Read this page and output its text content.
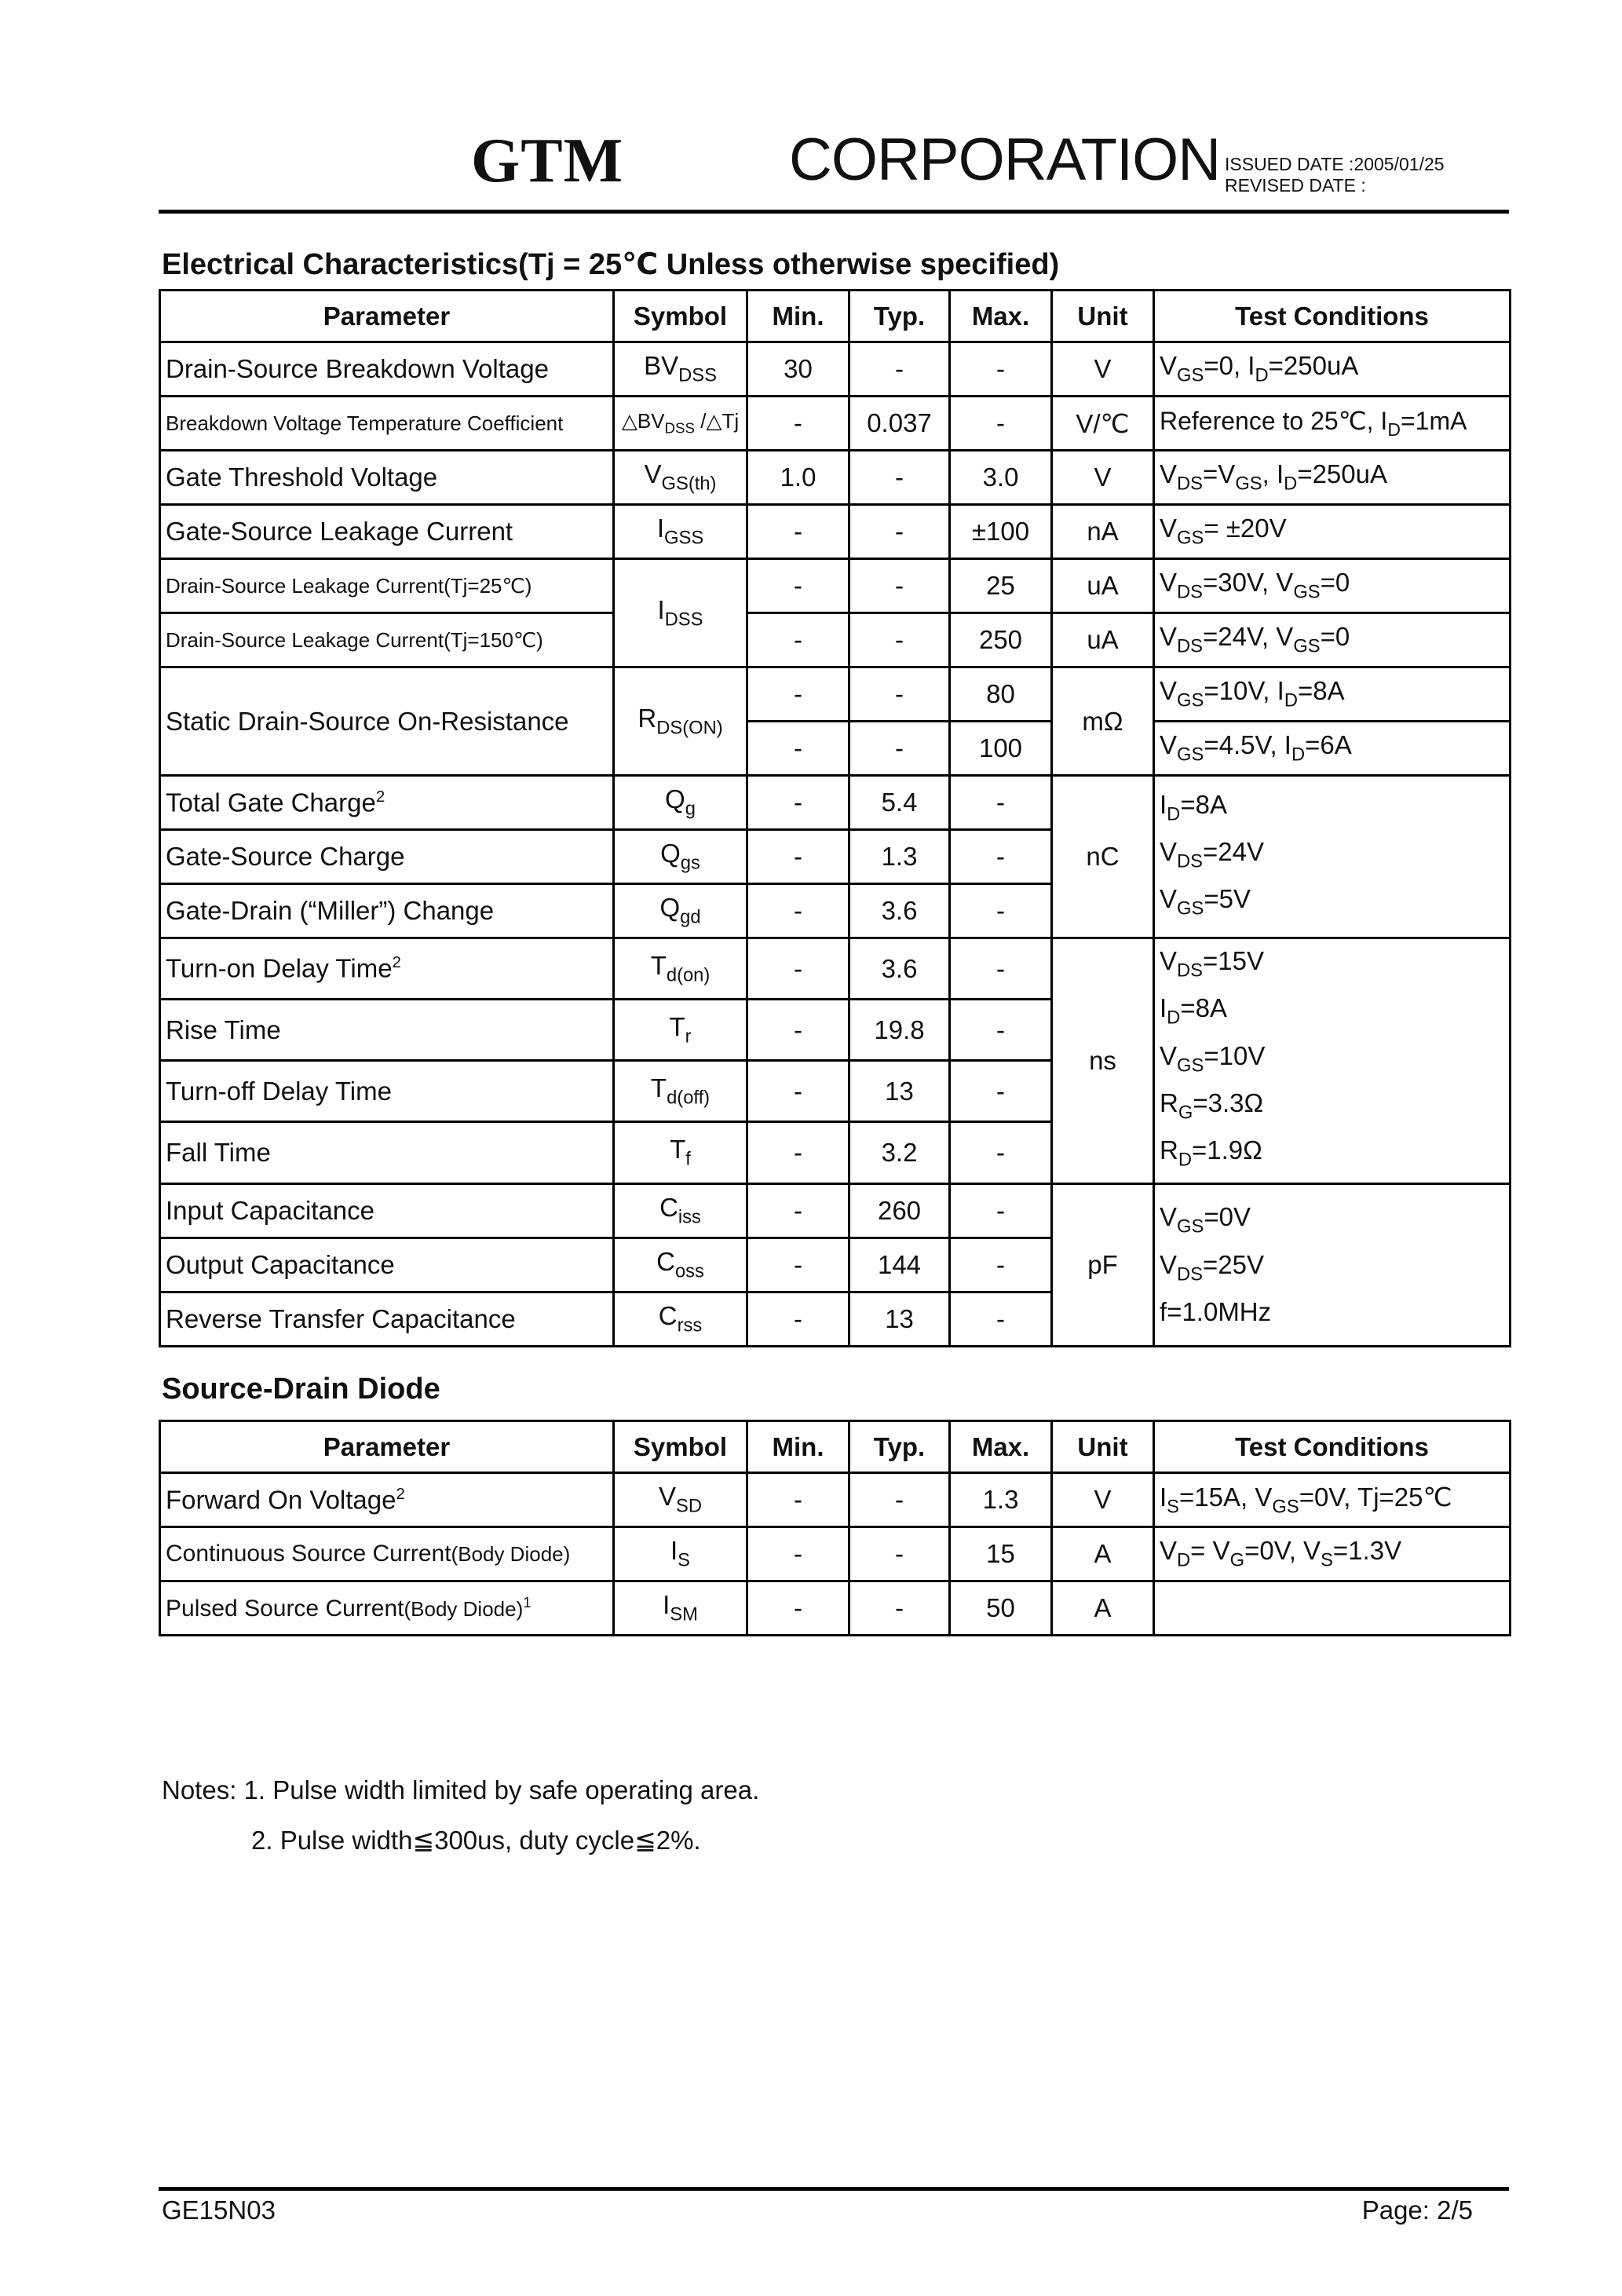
GTM	CORPORATION ISSUED DATE :2005/01/25
REVISED DATE :
Electrical Characteristics(Tj = 25℃ Unless otherwise specified)
Parameter	Symbol	Min.	Typ.	Max.	Unit	Test Conditions
Drain-Source Breakdown Voltage	$BV_{DSS}$	30	-	-	V	$V_{GS}=0$, $I_D=250uA$

Breakdown Voltage Temperature Coefficient	$\triangle BV_{DSS}$ /△Tj	-	0.037	-	V/℃	Reference to 25℃, $I_D=1mA$

Gate Threshold Voltage	$V_{GS(th)}$	1.0	-	3.0	V	$V_{DS}=V_{GS}$, $I_D=250uA$

Gate-Source Leakage Current	$I_{GSS}$	-	-	±100	nA	$V_{GS}= \pm 20V$

Drain-Source Leakage Current(Tj=25℃)	$I_{DSS}$	-	-	25	uA	$V_{DS}=30V$, $V_{GS}=0$

Drain-Source Leakage Current(Tj=150℃)		-	-	250	uA	$V_{DS}=24V$, $V_{GS}=0$

Static Drain-Source On-Resistance	$R_{DS(ON)}$	-	-	80	mΩ	$V_{GS}=10V$, $I_D=8A$

		-	-	100		$V_{GS}=4.5V$, $I_D=6A$

Total Gate Charge$^2$	$Q_g$	-	5.4	-	nC	$I_D=8A$
$V_{DS}=24V$
$V_{GS}=5V$

Gate-Source Charge	$Q_{gs}$	-	1.3	-		
Gate-Drain (“Miller”) Change	$Q_{gd}$	-	3.6	-		
Turn-on Delay Time$^2$	$T_{d(on)}$	-	3.6	-	ns	$V_{DS}=15V$
$I_D=8A$
$V_{GS}=10V$
$R_G=3.3\Omega$
$R_D=1.9\Omega$

Rise Time	$T_r$	-	19.8	-		
Turn-off Delay Time	$T_{d(off)}$	-	13	-		
Fall Time	$T_f$	-	3.2	-		
Input Capacitance	$C_{iss}$	-	260	-	pF	$V_{GS}=0V$
$V_{DS}=25V$
f=1.0MHz

Output Capacitance	$C_{oss}$	-	144	-		
Reverse Transfer Capacitance	$C_{rss}$	-	13	-		
Source-Drain Diode
Parameter	Symbol	Min.	Typ.	Max.	Unit	Test Conditions
Forward On Voltage$^2$	$V_{SD}$	-	-	1.3	V	$I_S=15A$, $V_{GS}=0V$, Tj=25℃

Continuous Source Current(Body Diode)	$I_S$	-	-	15	A	$V_D= V_G=0V$, $V_S=1.3V$

Pulsed Source Current(Body Diode)$^1$	$I_{SM}$	-	-	50	A	
Notes: 1. Pulse width limited by safe operating area.
2. Pulse width≦300us, duty cycle≦2%.
GE15N03	Page: 2/5
